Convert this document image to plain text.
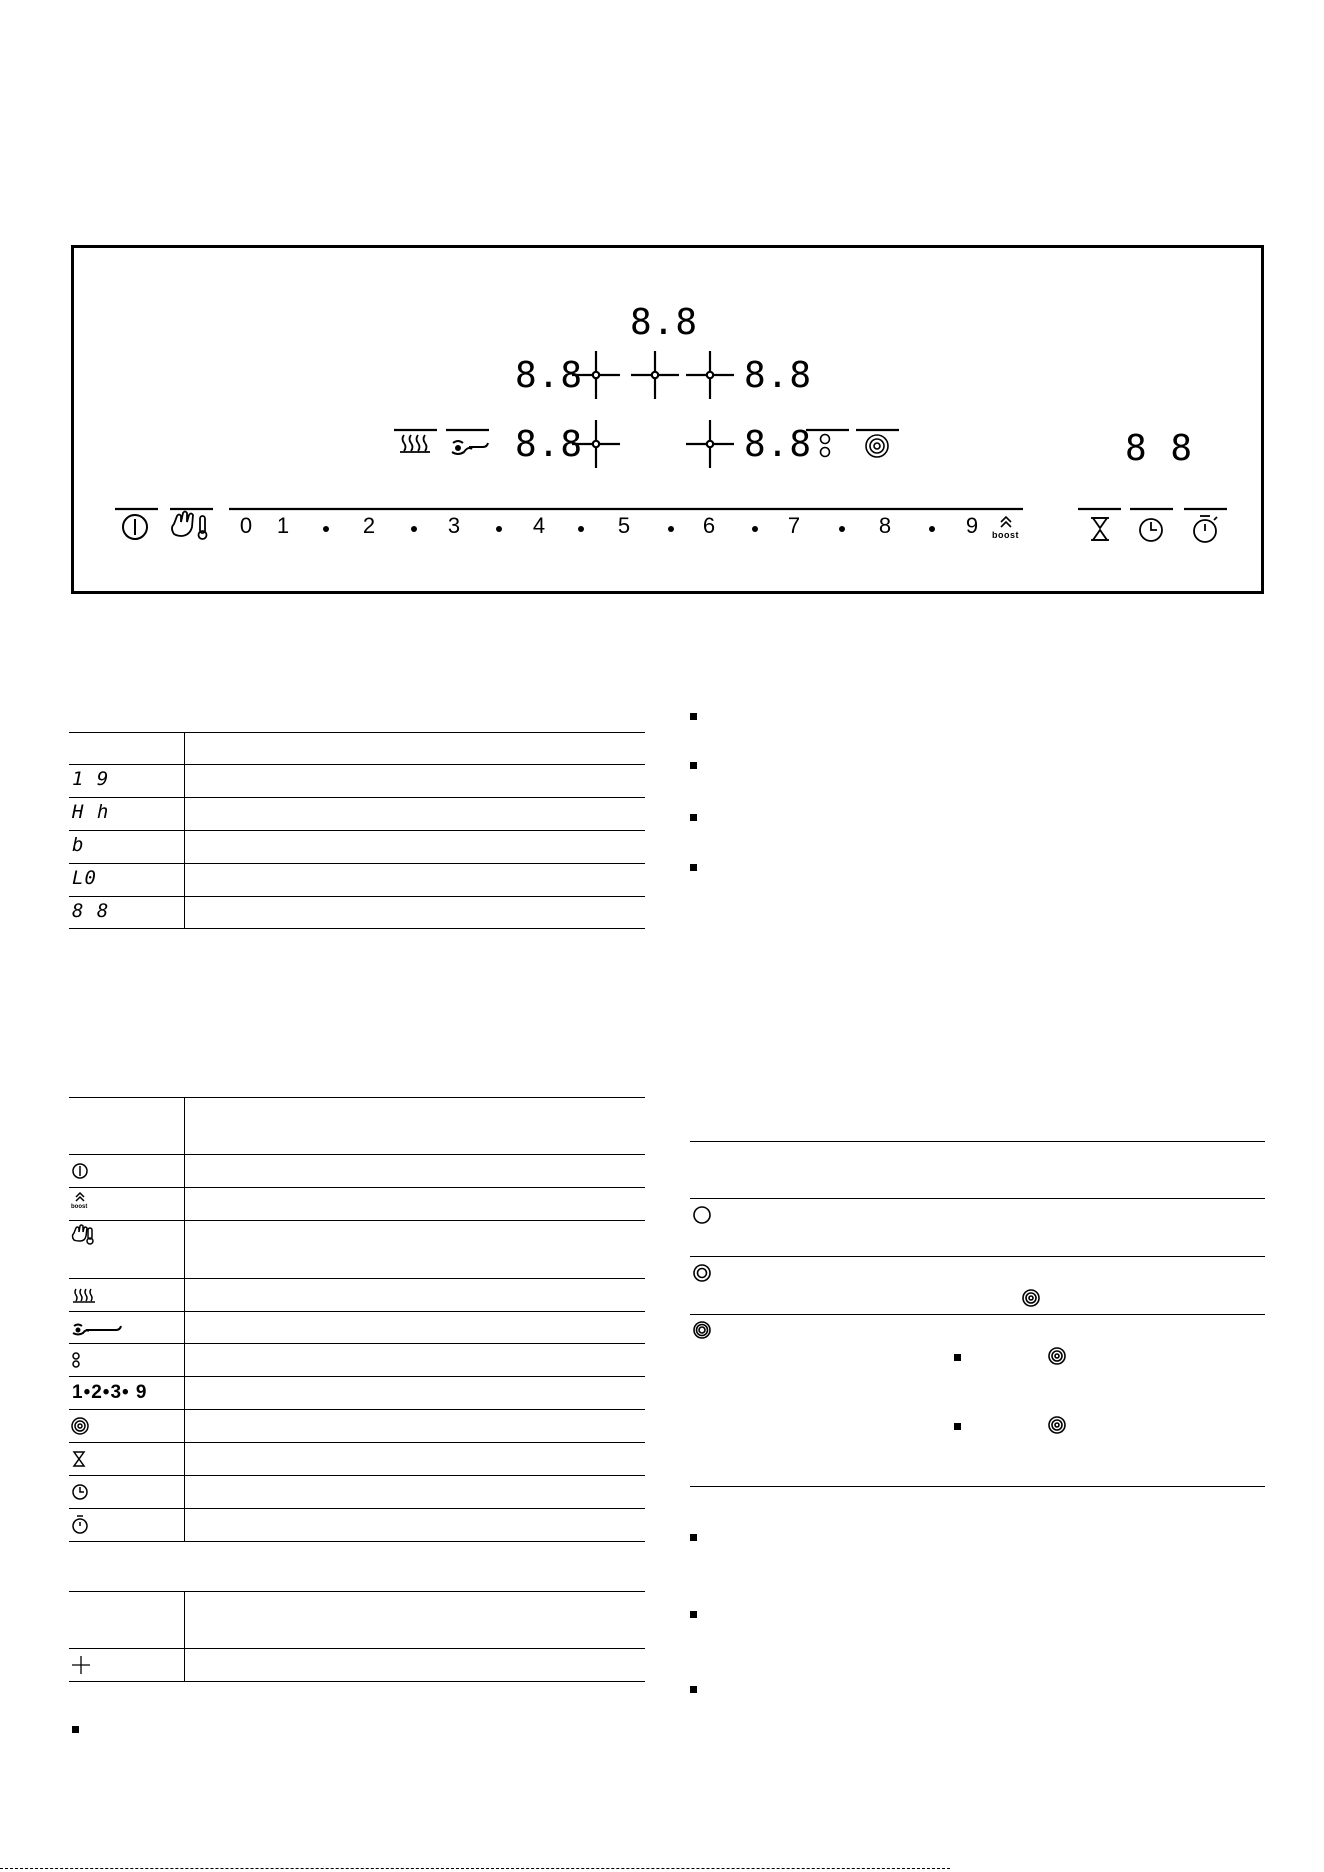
8.8
8.8	8.8
8.8	8.8	8 8
0	1	2	3	4	5	6	7	8	9	boost
1 9
H h
b
L0
8 8
boost
1•2•3• 9
